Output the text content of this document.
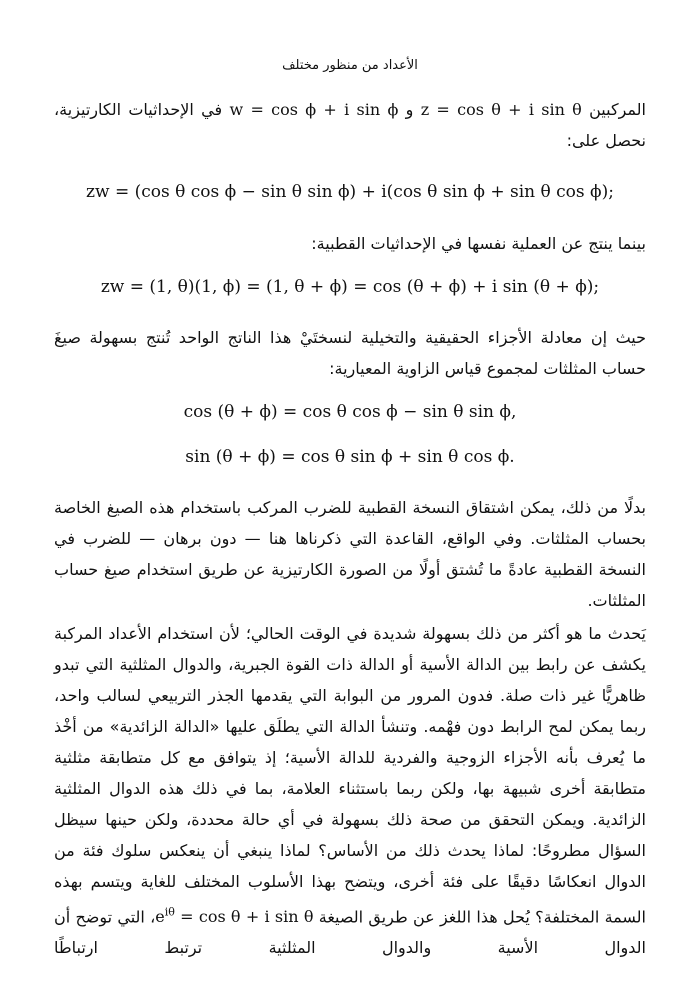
الأعداد من منظور مختلف

المركبين z = cos θ + i sin θ و w = cos ϕ + i sin ϕ في الإحداثيات الكارتيزية، نحصل على:

zw = (cos θ cos ϕ − sin θ sin ϕ) + i(cos θ sin ϕ + sin θ cos ϕ);

بينما ينتج عن العملية نفسها في الإحداثيات القطبية:

zw = (1, θ)(1, ϕ) = (1, θ + ϕ) = cos (θ + ϕ) + i sin (θ + ϕ);

حيث إن معادلة الأجزاء الحقيقية والتخيلية لنسختَيْ هذا الناتج الواحد تُنتج بسهولة صيغَ حساب المثلثات لمجموع قياس الزاوية المعيارية:

cos (θ + ϕ) = cos θ cos ϕ − sin θ sin ϕ,
sin (θ + ϕ) = cos θ sin ϕ + sin θ cos ϕ.

بدلًا من ذلك، يمكن اشتقاق النسخة القطبية للضرب المركب باستخدام هذه الصيغ الخاصة بحساب المثلثات. وفي الواقع، القاعدة التي ذكرناها هنا — دون برهان — للضرب في النسخة القطبية عادةً ما تُشتق أولًا من الصورة الكارتيزية عن طريق استخدام صيغ حساب المثلثات.

يَحدث ما هو أكثر من ذلك بسهولة شديدة في الوقت الحالي؛ لأن استخدام الأعداد المركبة يكشف عن رابط بين الدالة الأسية أو الدالة ذات القوة الجبرية، والدوال المثلثية التي تبدو ظاهريًّا غير ذات صلة. فدون المرور من البوابة التي يقدمها الجذر التربيعي لسالب واحد، ربما يمكن لمح الرابط دون فهْمه. وتنشأ الدالة التي يطلَق عليها «الدالة الزائدية» من أخْذ ما يُعرف بأنه الأجزاء الزوجية والفردية للدالة الأسية؛ إذ يتوافق مع كل متطابقة مثلثية متطابقة أخرى شبيهة بها، ولكن ربما باستثناء العلامة، بما في ذلك هذه الدوال المثلثية الزائدية. ويمكن التحقق من صحة ذلك بسهولة في أي حالة محددة، ولكن حينها سيظل السؤال مطروحًا: لماذا يحدث ذلك من الأساس؟ لماذا ينبغي أن ينعكس سلوك فئة من الدوال انعكاسًا دقيقًا على فئة أخرى، ويتضح بهذا الأسلوب المختلف للغاية ويتسم بهذه السمة المختلفة؟ يُحل هذا اللغز عن طريق الصيغة $e^{i\theta} = \cos \theta + i$ sin θ، التي توضح أن الدوال الأسية والدوال المثلثية ترتبط ارتباطًا
